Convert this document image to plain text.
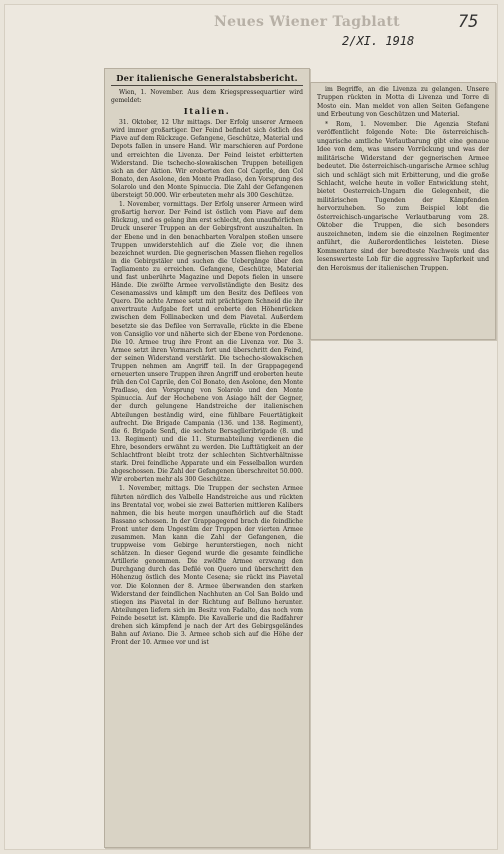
Neues Wiener Tagblatt
2/XI. 1918
75
Der italienische Generalstabsbericht.

Wien, 1. November. Aus dem Kriegspressequartier wird gemeldet:

Italien.

31. Oktober, 12 Uhr mittags. Der Erfolg unserer Armeen wird immer großartiger. Der Feind befindet sich östlich des Piave auf dem Rückzuge. Gefangene, Geschütze, Material und Depots fallen in unsere Hand. Wir marschieren auf Pordone und erreichten die Livenza. Der Feind leistet erbitterten Widerstand. Die tschecho-slowakischen Truppen beteiligen sich an der Aktion. Wir eroberten den Col Caprile, den Col Bonato, den Asolone, den Monte Pradlaso, den Vorsprung des Solarolo und den Monte Spinuccia. Die Zahl der Gefangenen übersteigt 50.000. Wir erbeuteten mehr als 300 Geschütze.

1. November, vormittags. Der Erfolg unserer Armeen wird großartig hervor. Der Feind ist östlich vom Piave auf dem Rückzug, und es gelang ihm erst schlecht, den unaufhörlichen Druck unserer Truppen an der Gebirgsfront auszuhalten. In der Ebene und in den benachbarten Voralpen stoßen unsere Truppen unwiderstehlich auf die Ziele vor, die ihnen bezeichnet wurden. Die gegnerischen Massen fliehen regellos in die Gebirgstäler und suchen die Uebergänge über den Tagliamento zu erreichen. Gefangene, Geschütze, Material und fast unberührte Magazine und Depots fielen in unsere Hände. Die zwölfte Armee vervollständigte den Besitz des Cesenamassivs und kämpft um den Besitz des Defilees von Quero. Die achte Armee setzt mit prächtigem Schneid die ihr anvertraute Aufgabe fort und eroberte den Höhenrücken zwischen dem Follinabecken und dem Piavetal. Außerdem besetzte sie das Defilee von Serravalle, rückte in die Ebene von Cansiglio vor und näherte sich der Ebene von Pordenone. Die 10. Armee trug ihre Front an die Livenza vor. Die 3. Armee setzt ihren Vormarsch fort und überschritt den Feind, der seinen Widerstand verstärkt. Die tschecho-slowakischen Truppen nehmen am Angriff teil. In der Grappagegend erneuerten unsere Truppen ihren Angriff und eroberten heute früh den Col Caprile, den Col Bonato, den Asolone, den Monte Pradlaso, den Vorsprung von Solarolo und den Monte Spinuccia. Auf der Hochebene von Asiago hält der Gegner, der durch gelungene Handstreiche der italienischen Abteilungen beständig wird, eine fühlbare Feuertätigkeit aufrecht. Die Brigade Campania (136. und 138. Regiment), die 6. Brigade Senfi, die sechste Bersaglieribrigade (8. und 13. Regiment) und die 11. Sturmabteilung verdienen die Ehre, besonders erwähnt zu werden. Die Lufttätigkeit an der Schlachtfront bleibt trotz der schlechten Sichtverhältnisse stark. Drei feindliche Apparate und ein Fesselballon wurden abgeschossen. Die Zahl der Gefangenen überschreitet 50.000. Wir eroberten mehr als 300 Geschütze.

1. November, mittags. Die Truppen der sechsten Armee führten nördlich des Valbelle Handstreiche aus und rückten ins Brentatal vor, wobei sie zwei Batterien mittleren Kalibers nahmen, die bis heute morgen unaufhörlich auf die Stadt Bassano schossen. In der Grappagegend brach die feindliche Front unter dem Ungestüm der Truppen der vierten Armee zusammen. Man kann die Zahl der Gefangenen, die truppweise vom Gebirge herunterstiegen, noch nicht schätzen. In dieser Gegend wurde die gesamte feindliche Artillerie genommen. Die zwölfte Armee erzwang den Durchgang durch das Defilé von Quero und überschritt den Höhenzug östlich des Monte Cesena; sie rückt ins Piavetal vor. Die Kolonnen der 8. Armee überwanden den starken Widerstand der feindlichen Nachhuten an Col San Boldo und stiegen ins Piavetal in der Richtung auf Belluno herunter. Abteilungen liefern sich im Besitz von Fadalto, das noch vom Feinde besetzt ist. Kämpfe. Die Kavallerie und die Radfahrer drehen sich kämpfend je nach der Art des Gebirgsgeländes Bahn auf Aviano. Die 3. Armee schob sich auf die Höhe der Front der 10. Armee vor und ist

im Begriffe, an die Livenza zu gelangen. Unsere Truppen rückten in Motta di Livenza und Torre di Mosto ein. Man meldet von allen Seiten Gefangene und Erbeutung von Geschützen und Material.

* Rom, 1. November. Die Agenzia Stefani veröffentlicht folgende Note: Die österreichisch-ungarische amtliche Verlautbarung gibt eine genaue Idee von dem, was unsere Vorrückung und was der militärische Widerstand der gegnerischen Armee bedeutet. Die österreichisch-ungarische Armee schlug sich und schlägt sich mit Erbitterung, und die große Schlacht, welche heute in voller Entwicklung steht, bietet Oesterreich-Ungarn die Gelegenheit, die militärischen Tugenden der Kämpfenden hervorzuheben. So zum Beispiel lobt die österreichisch-ungarische Verlautbarung vom 28. Oktober die Truppen, die sich besonders auszeichneten, indem sie die einzelnen Regimenter anführt, die Außerordentliches leisteten. Diese Kommentare sind der beredteste Nachweis und das lesenswerteste Lob für die aggressive Tapferkeit und den Heroismus der italienischen Truppen.
